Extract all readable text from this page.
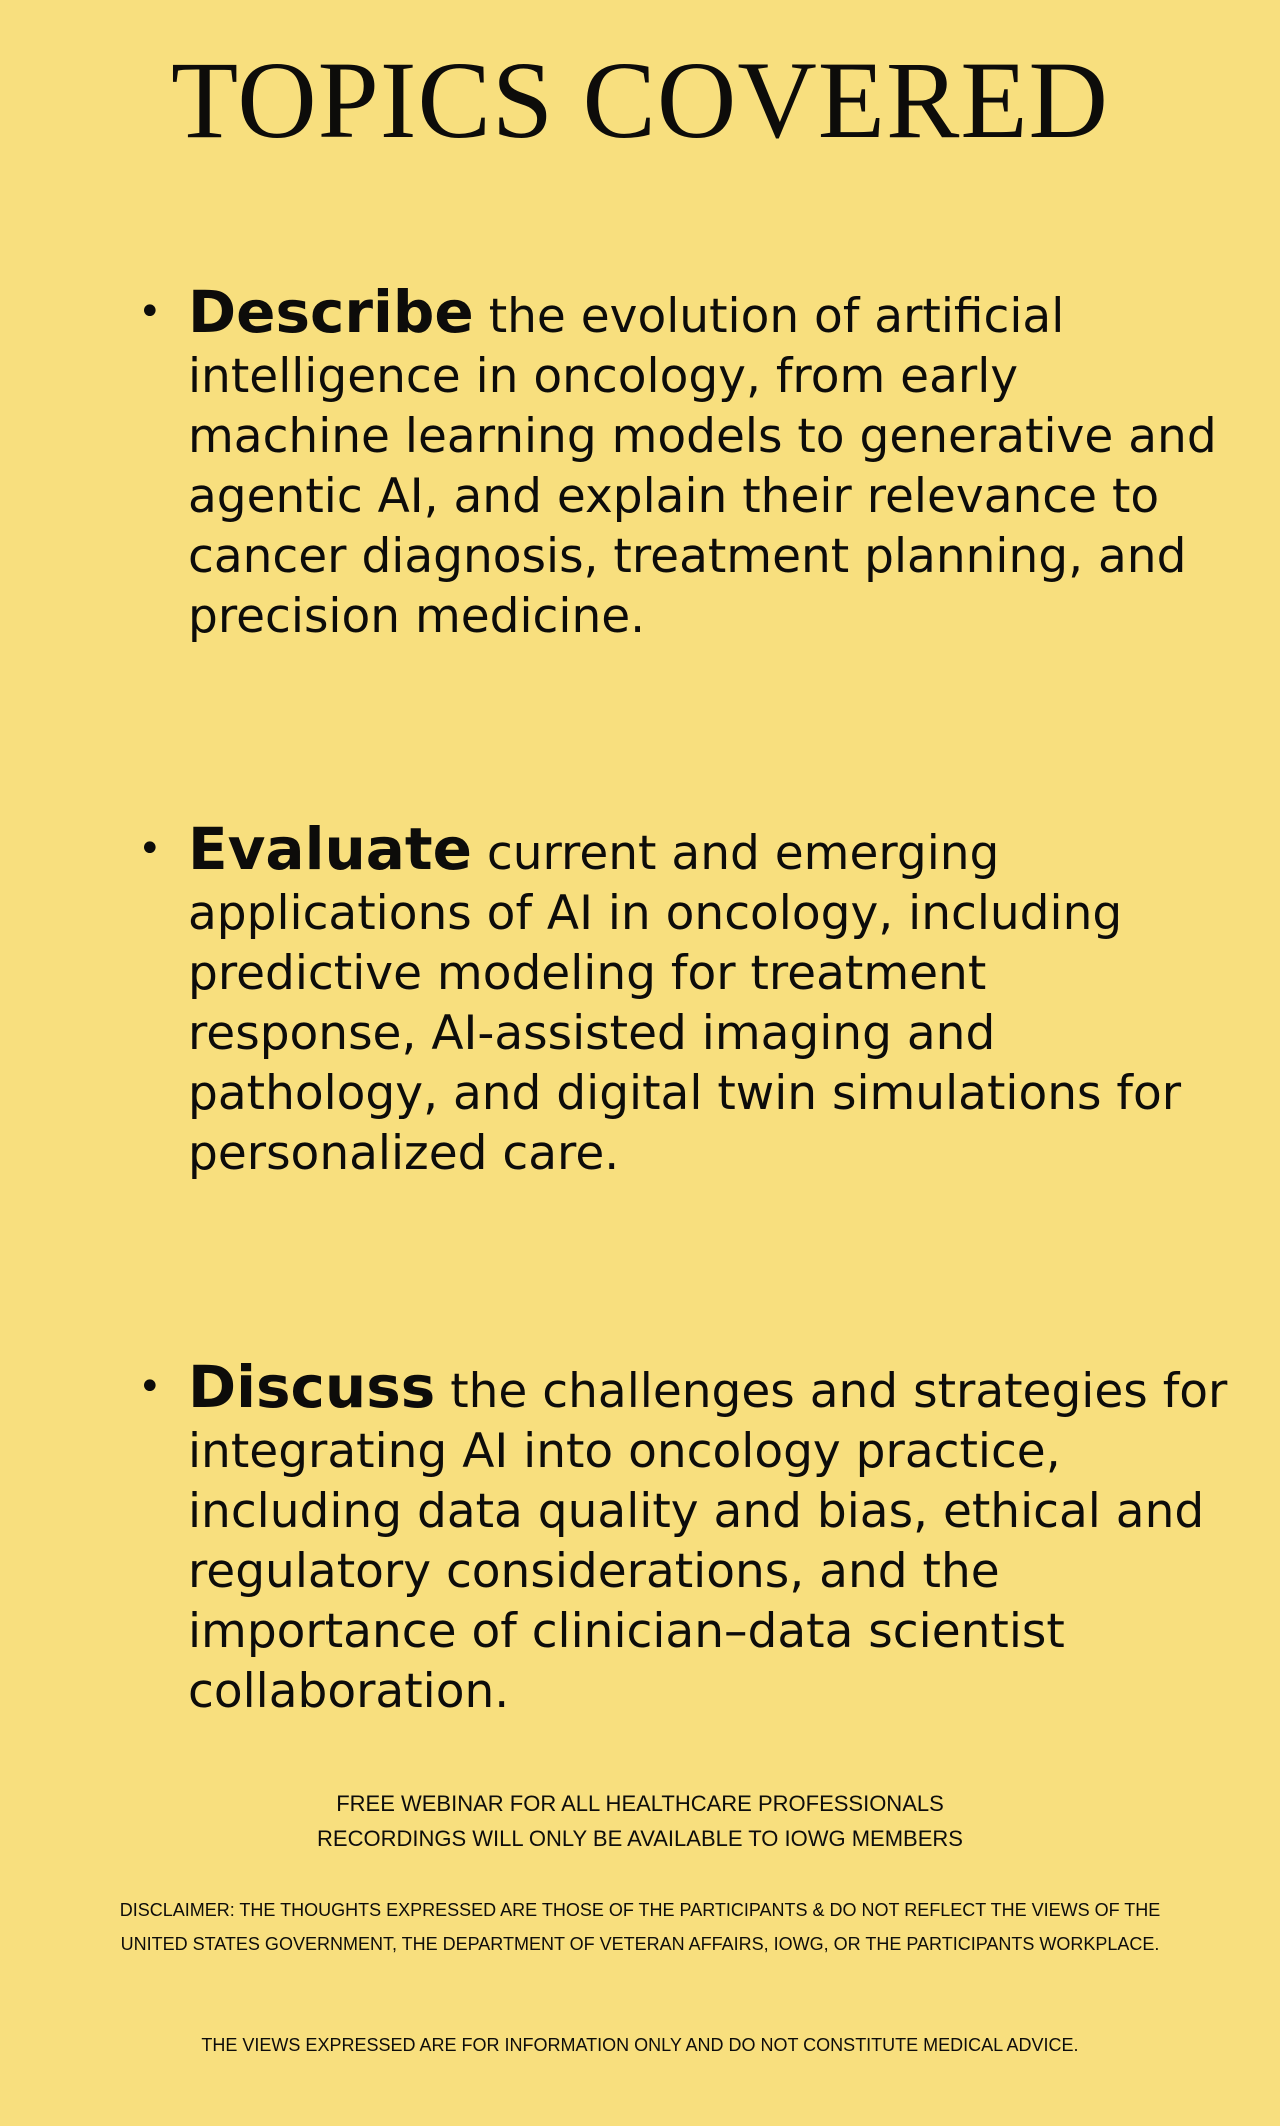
TOPICS COVERED
• Describe the evolution of artificial intelligence in oncology, from early machine learning models to generative and agentic AI, and explain their relevance to cancer diagnosis, treatment planning, and precision medicine.

• Evaluate current and emerging applications of AI in oncology, including predictive modeling for treatment response, AI-assisted imaging and pathology, and digital twin simulations for personalized care.

• Discuss the challenges and strategies for integrating AI into oncology practice, including data quality and bias, ethical and regulatory considerations, and the importance of clinician–data scientist collaboration.

FREE WEBINAR FOR ALL HEALTHCARE PROFESSIONALS
RECORDINGS WILL ONLY BE AVAILABLE TO IOWG MEMBERS
DISCLAIMER: THE THOUGHTS EXPRESSED ARE THOSE OF THE PARTICIPANTS & DO NOT REFLECT THE VIEWS OF THE UNITED STATES GOVERNMENT, THE DEPARTMENT OF VETERAN AFFAIRS, IOWG, OR THE PARTICIPANTS WORKPLACE.
THE VIEWS EXPRESSED ARE FOR INFORMATION ONLY AND DO NOT CONSTITUTE MEDICAL ADVICE.
